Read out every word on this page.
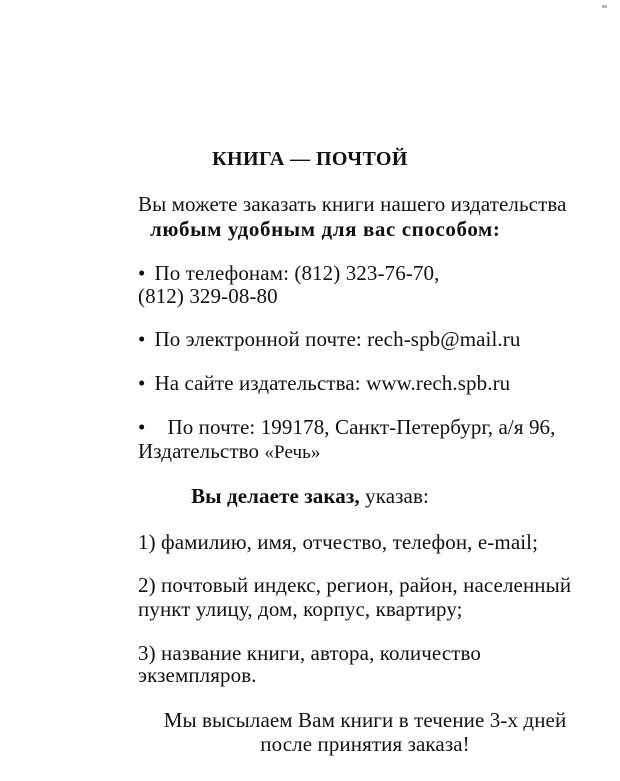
КНИГА — ПОЧТОЙ
Вы можете заказать книги нашего издательства
любым удобным для вас способом:
• По телефонам: (812) 323-76-70,
(812) 329-08-80
• По электронной почте: rech-spb@mail.ru
• На сайте издательства: www.rech.spb.ru
• По почте: 199178, Санкт-Петербург, а/я 96,
Издательство «Речь»
Вы делаете заказ, указав:
1) фамилию, имя, отчество, телефон, e-mail;
2) почтовый индекс, регион, район, населенный
пункт улицу, дом, корпус, квартиру;
3) название книги, автора, количество
экземпляров.
Мы высылаем Вам книги в течение 3-х дней
после принятия заказа!
